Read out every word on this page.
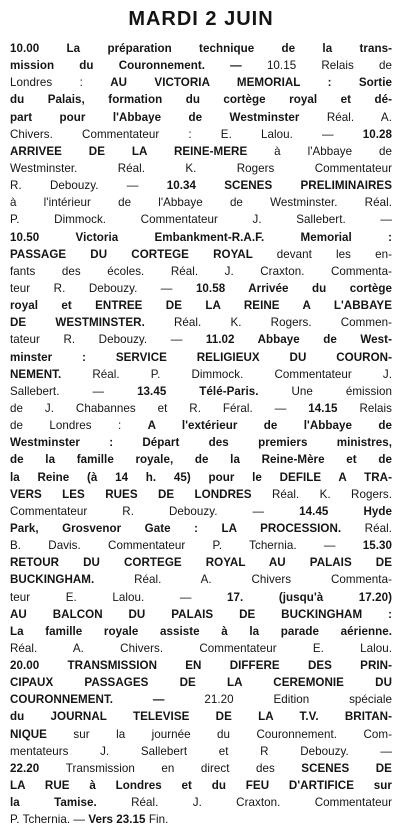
MARDI 2 JUIN
10.00 La préparation technique de la trans-
mission du Couronnement. — 10.15 Relais de
Londres : AU VICTORIA MEMORIAL : Sortie
du Palais, formation du cortège royal et dé-
part pour l'Abbaye de Westminster Réal. A.
Chivers. Commentateur : E. Lalou. — 10.28
ARRIVEE DE LA REINE-MERE à l'Abbaye de
Westminster. Réal. K. Rogers Commentateur
R. Debouzy. — 10.34 SCENES PRELIMINAIRES
à l'intérieur de l'Abbaye de Westminster. Réal.
P. Dimmock. Commentateur J. Sallebert. —
10.50 Victoria Embankment-R.A.F. Memorial :
PASSAGE DU CORTEGE ROYAL devant les en-
fants des écoles. Réal. J. Craxton. Commenta-
teur R. Debouzy. — 10.58 Arrivée du cortège
royal et ENTREE DE LA REINE A L'ABBAYE
DE WESTMINSTER. Réal. K. Rogers. Commen-
tateur R. Debouzy. — 11.02 Abbaye de West-
minster : SERVICE RELIGIEUX DU COURON-
NEMENT. Réal. P. Dimmock. Commentateur J.
Sallebert. — 13.45 Télé-Paris. Une émission
de J. Chabannes et R. Féral. — 14.15 Relais
de Londres : A l'extérieur de l'Abbaye de
Westminster : Départ des premiers ministres,
de la famille royale, de la Reine-Mère et de
la Reine (à 14 h. 45) pour le DEFILE A TRA-
VERS LES RUES DE LONDRES Réal. K. Rogers.
Commentateur R. Debouzy. — 14.45 Hyde
Park, Grosvenor Gate : LA PROCESSION. Réal.
B. Davis. Commentateur P. Tchernia. — 15.30
RETOUR DU CORTEGE ROYAL AU PALAIS DE
BUCKINGHAM. Réal. A. Chivers Commenta-
teur E. Lalou. — 17. (jusqu'à 17.20)
AU BALCON DU PALAIS DE BUCKINGHAM :
La famille royale assiste à la parade aérienne.
Réal. A. Chivers. Commentateur E. Lalou.
20.00 TRANSMISSION EN DIFFERE DES PRIN-
CIPAUX PASSAGES DE LA CEREMONIE DU
COURONNEMENT. — 21.20 Edition spéciale
du JOURNAL TELEVISE DE LA T.V. BRITAN-
NIQUE sur la journée du Couronnement. Com-
mentateurs J. Sallebert et R Debouzy. —
22.20 Transmission en direct des SCENES DE
LA RUE à Londres et du FEU D'ARTIFICE sur
la Tamise. Réal. J. Craxton. Commentateur
P. Tchernia. — Vers 23.15 Fin.
